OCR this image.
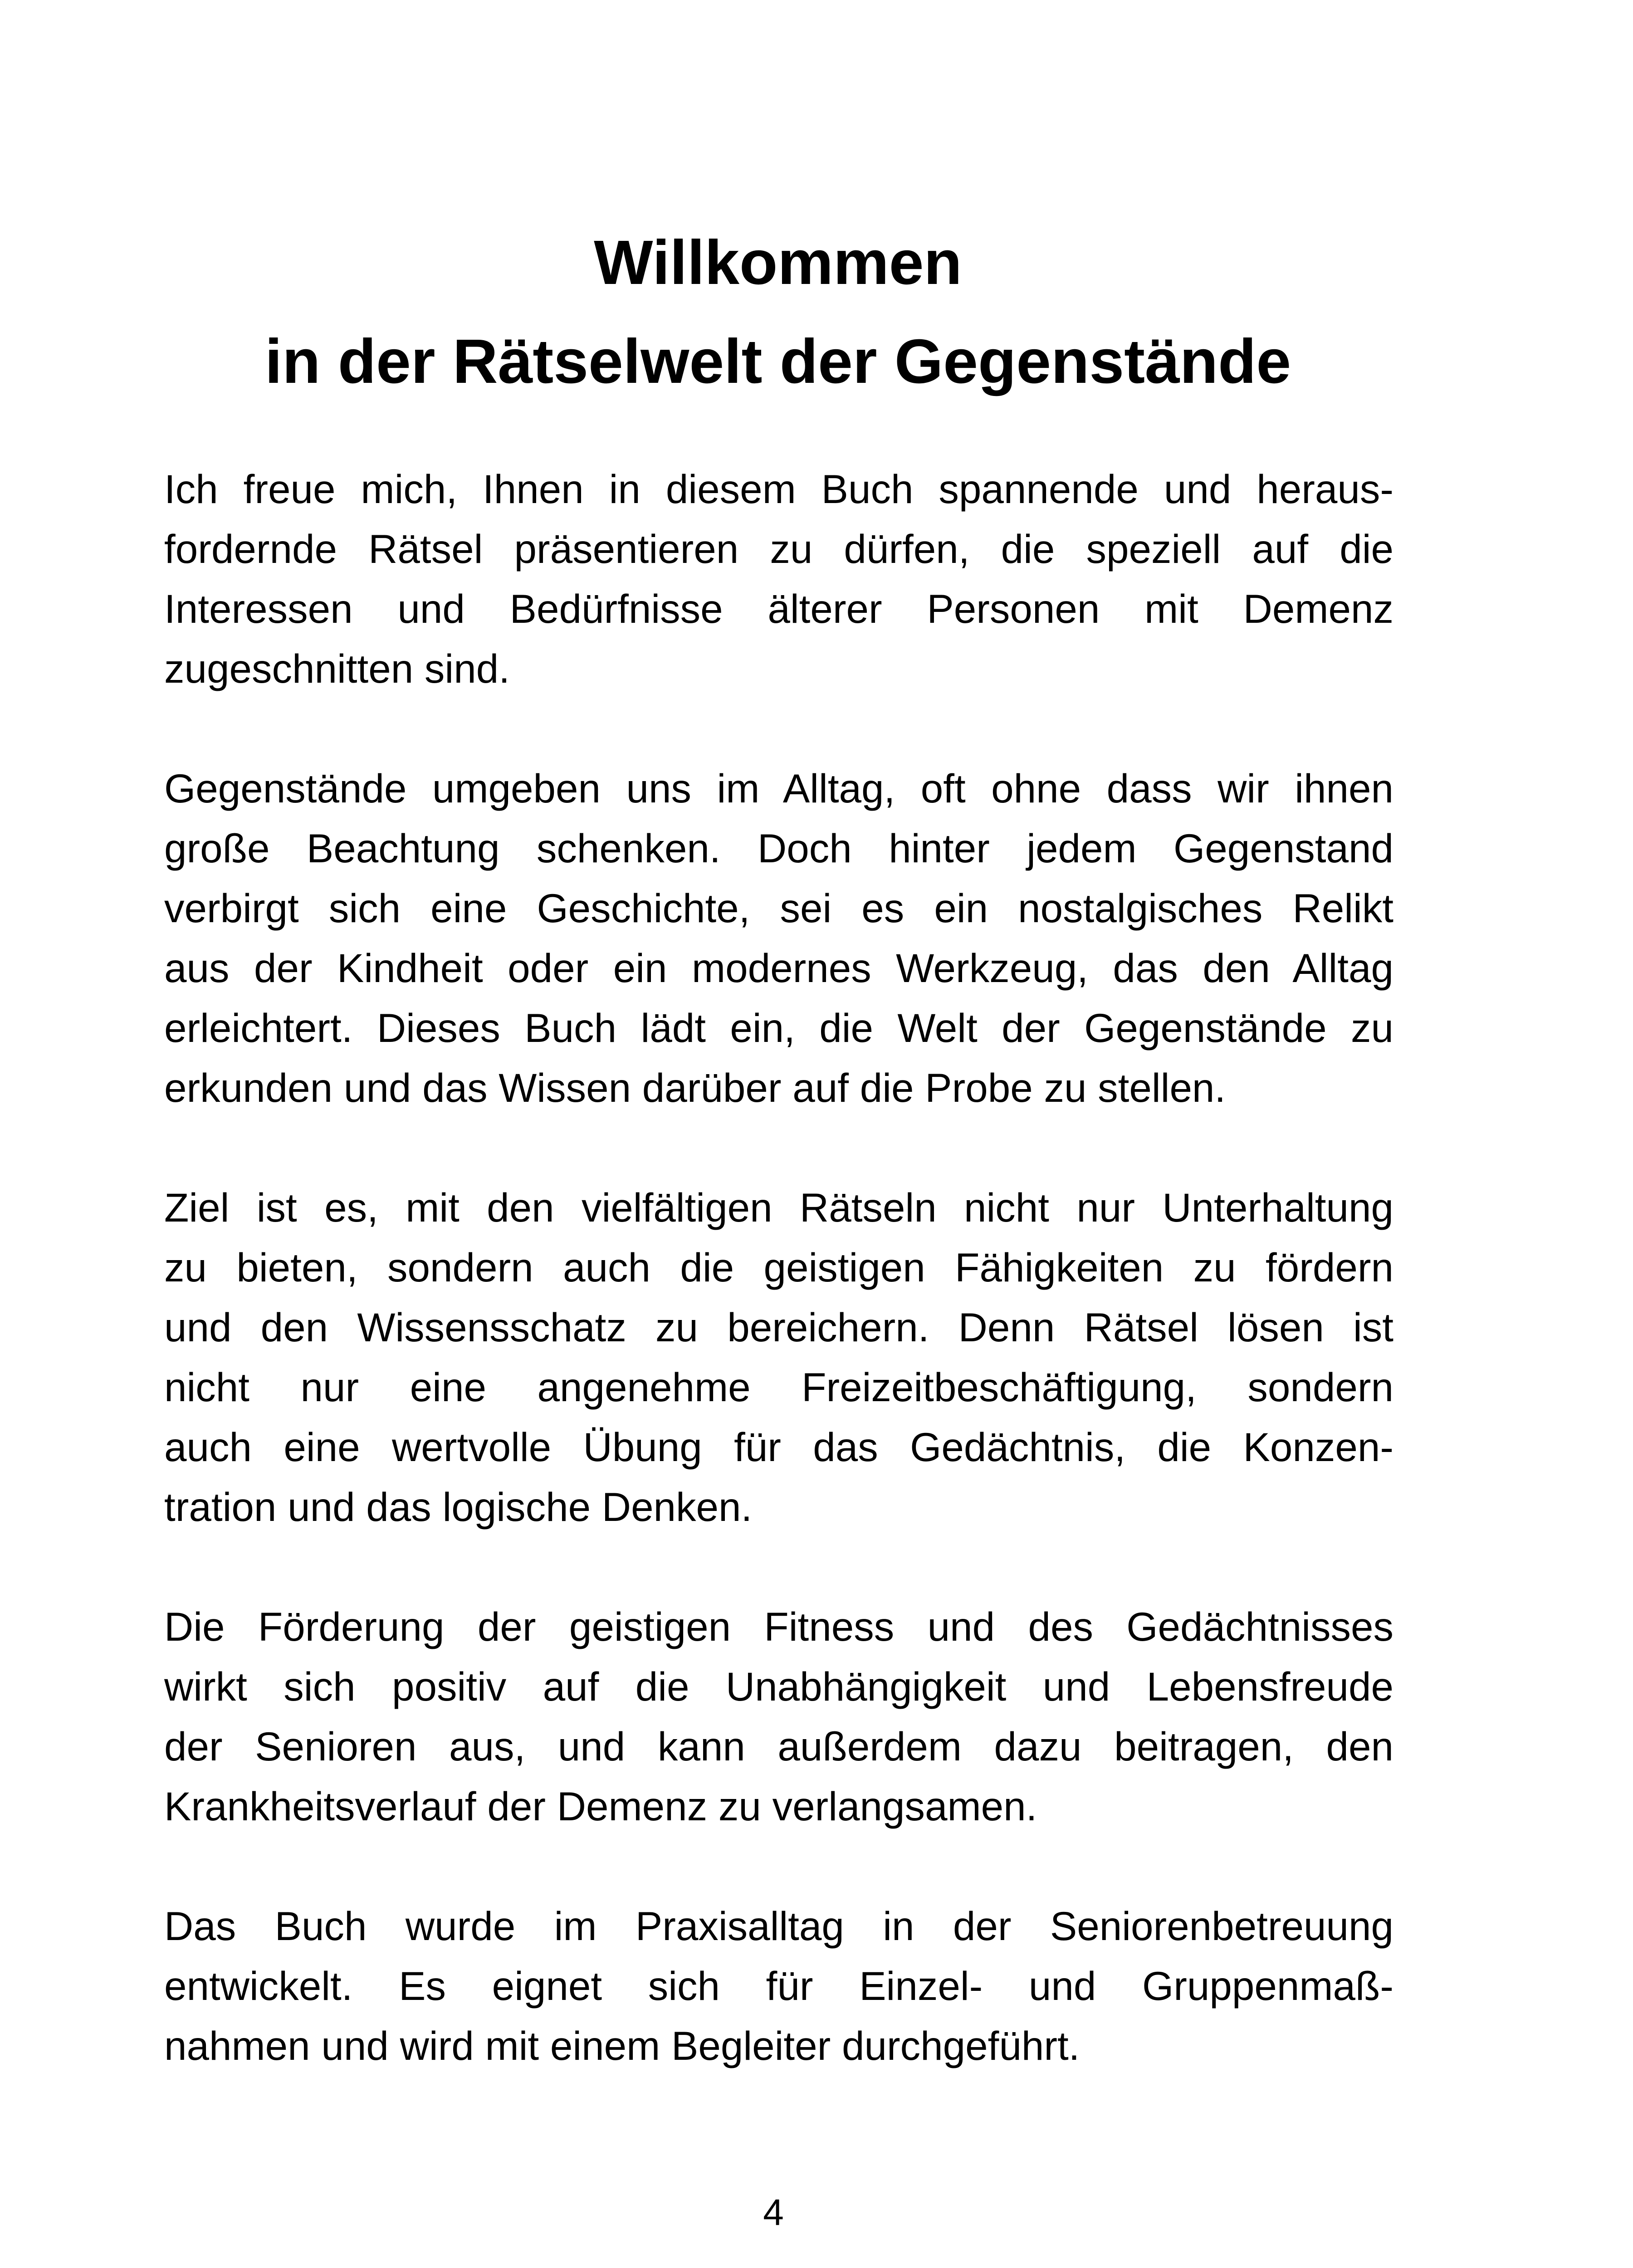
Willkommen
in der Rätselwelt der Gegenstände

Ich freue mich, Ihnen in diesem Buch spannende und heraus-
fordernde Rätsel präsentieren zu dürfen, die speziell auf die
Interessen und Bedürfnisse älterer Personen mit Demenz
zugeschnitten sind.

Gegenstände umgeben uns im Alltag, oft ohne dass wir ihnen
große Beachtung schenken. Doch hinter jedem Gegenstand
verbirgt sich eine Geschichte, sei es ein nostalgisches Relikt
aus der Kindheit oder ein modernes Werkzeug, das den Alltag
erleichtert. Dieses Buch lädt ein, die Welt der Gegenstände zu
erkunden und das Wissen darüber auf die Probe zu stellen.

Ziel ist es, mit den vielfältigen Rätseln nicht nur Unterhaltung
zu bieten, sondern auch die geistigen Fähigkeiten zu fördern
und den Wissensschatz zu bereichern. Denn Rätsel lösen ist
nicht nur eine angenehme Freizeitbeschäftigung, sondern
auch eine wertvolle Übung für das Gedächtnis, die Konzen-
tration und das logische Denken.

Die Förderung der geistigen Fitness und des Gedächtnisses
wirkt sich positiv auf die Unabhängigkeit und Lebensfreude
der Senioren aus, und kann außerdem dazu beitragen, den
Krankheitsverlauf der Demenz zu verlangsamen.

Das Buch wurde im Praxisalltag in der Seniorenbetreuung
entwickelt. Es eignet sich für Einzel- und Gruppenmaß-
nahmen und wird mit einem Begleiter durchgeführt.

4
